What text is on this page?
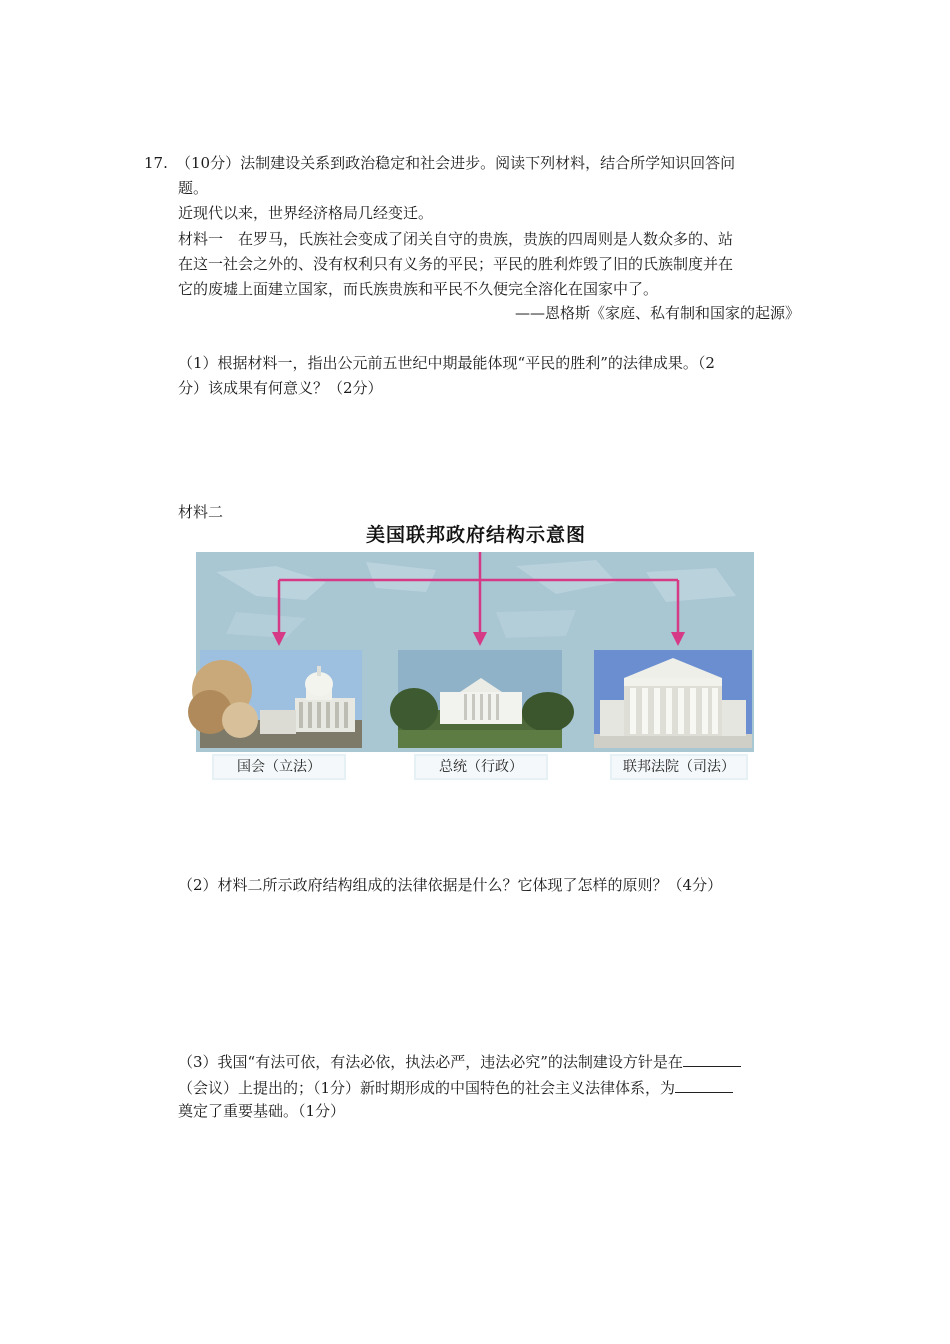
17. （10分）法制建设关系到政治稳定和社会进步。阅读下列材料，结合所学知识回答问
题。
近现代以来，世界经济格局几经变迁。
材料一　在罗马，氏族社会变成了闭关自守的贵族，贵族的四周则是人数众多的、站
在这一社会之外的、没有权利只有义务的平民；平民的胜利炸毁了旧的氏族制度并在
它的废墟上面建立国家，而氏族贵族和平民不久便完全溶化在国家中了。
——恩格斯《家庭、私有制和国家的起源》
（1）根据材料一，指出公元前五世纪中期最能体现“平民的胜利”的法律成果。（2
分）该成果有何意义？（2分）
材料二
美国联邦政府结构示意图
国会（立法）	总统（行政）	联邦法院（司法）
（2）材料二所示政府结构组成的法律依据是什么？它体现了怎样的原则？（4分）
（3）我国“有法可依，有法必依，执法必严，违法必究”的法制建设方针是在
（会议）上提出的；（1分）新时期形成的中国特色的社会主义法律体系，为
奠定了重要基础。（1分）
